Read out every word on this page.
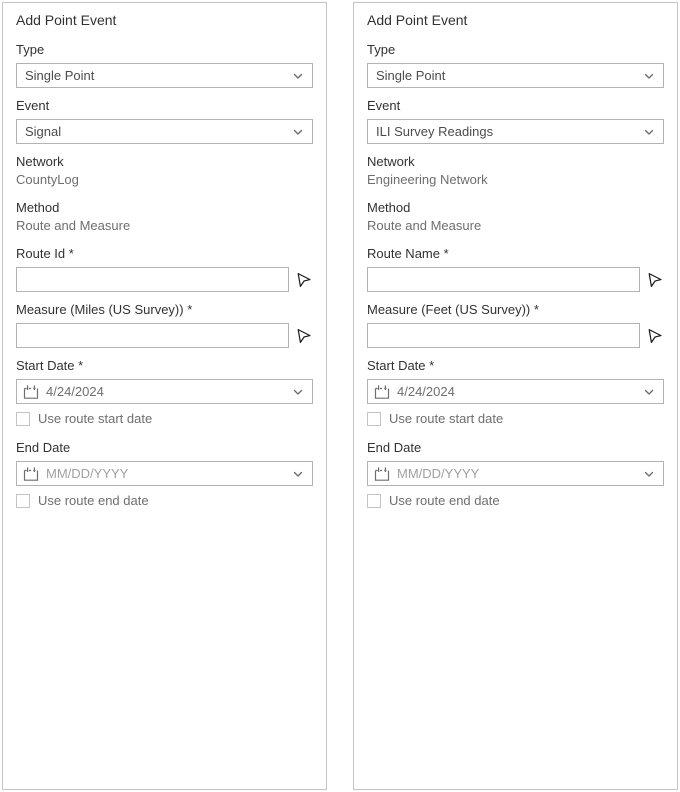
Add Point Event
Type
Single Point
Event
Signal
Network
CountyLog
Method
Route and Measure
Route Id *
Measure (Miles (US Survey)) *
Start Date *
4/24/2024
Use route start date
End Date
MM/DD/YYYY
Use route end date
Add Point Event
Type
Single Point
Event
ILI Survey Readings
Network
Engineering Network
Method
Route and Measure
Route Name *
Measure (Feet (US Survey)) *
Start Date *
4/24/2024
Use route start date
End Date
MM/DD/YYYY
Use route end date
